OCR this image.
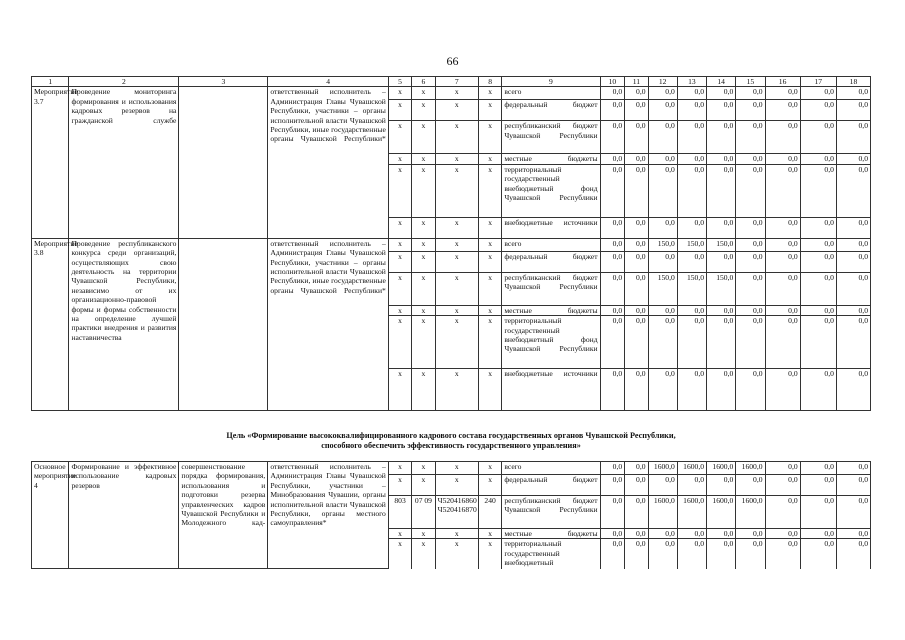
66
1	2	3	4	5	6	7	8	9	10	11	12	13	14	15	16	17	18
Мероприятие 3.7	Проведение мониторинга формирования и использования кадровых резервов на гражданской службе		ответственный исполнитель – Администрация Главы Чувашской Республики, участники – органы исполнительной власти Чувашской Республики, иные государственные органы Чувашской Республики*	x	x	x	x	всего	0,0	0,0	0,0	0,0	0,0	0,0	0,0	0,0	0,0
				x	x	x	x	федеральный бюджет	0,0	0,0	0,0	0,0	0,0	0,0	0,0	0,0	0,0
				x	x	x	x	республиканский бюджет Чувашской Республики	0,0	0,0	0,0	0,0	0,0	0,0	0,0	0,0	0,0
				x	x	x	x	местные бюджеты	0,0	0,0	0,0	0,0	0,0	0,0	0,0	0,0	0,0
				x	x	x	x	территориальный государственный внебюджетный фонд Чувашской Республики	0,0	0,0	0,0	0,0	0,0	0,0	0,0	0,0	0,0
				x	x	x	x	внебюджетные источники	0,0	0,0	0,0	0,0	0,0	0,0	0,0	0,0	0,0
Мероприятие 3.8	Проведение республиканского конкурса среди организаций, осуществляющих свою деятельность на территории Чувашской Республики, независимо от их организационно-правовой формы и формы собственности на определение лучшей практики внедрения и развития наставничества		ответственный исполнитель – Администрация Главы Чувашской Республики, участники – органы исполнительной власти Чувашской Республики, иные государственные органы Чувашской Республики*	x	x	x	x	всего	0,0	0,0	150,0	150,0	150,0	0,0	0,0	0,0	0,0
				x	x	x	x	федеральный бюджет	0,0	0,0	0,0	0,0	0,0	0,0	0,0	0,0	0,0
				x	x	x	x	республиканский бюджет Чувашской Республики	0,0	0,0	150,0	150,0	150,0	0,0	0,0	0,0	0,0
				x	x	x	x	местные бюджеты	0,0	0,0	0,0	0,0	0,0	0,0	0,0	0,0	0,0
				x	x	x	x	территориальный государственный внебюджетный фонд Чувашской Республики	0,0	0,0	0,0	0,0	0,0	0,0	0,0	0,0	0,0
				x	x	x	x	внебюджетные источники	0,0	0,0	0,0	0,0	0,0	0,0	0,0	0,0	0,0
Цель «Формирование высококвалифицированного кадрового состава государственных органов Чувашской Республики,
способного обеспечить эффективность государственного управления»
Основное мероприятие 4	Формирование и эффективное использование кадровых резервов	совершенствование порядка формирования, использования и подготовки резерва управленческих кадров Чувашской Республики и Молодежного кад-	ответственный исполнитель – Администрация Главы Чувашской Республики, участники – Минобразования Чувашии, органы исполнительной власти Чувашской Республики, органы местного самоуправления*	x	x	x	x	всего	0,0	0,0	1600,0	1600,0	1600,0	1600,0	0,0	0,0	0,0
				x	x	x	x	федеральный бюджет	0,0	0,0	0,0	0,0	0,0	0,0	0,0	0,0	0,0
				803	07 09	Ч520416860 Ч520416870	240	республиканский бюджет Чувашской Республики	0,0	0,0	1600,0	1600,0	1600,0	1600,0	0,0	0,0	0,0
				x	x	x	x	местные бюджеты	0,0	0,0	0,0	0,0	0,0	0,0	0,0	0,0	0,0
				x	x	x	x	территориальный государственный внебюджетный	0,0	0,0	0,0	0,0	0,0	0,0	0,0	0,0	0,0
